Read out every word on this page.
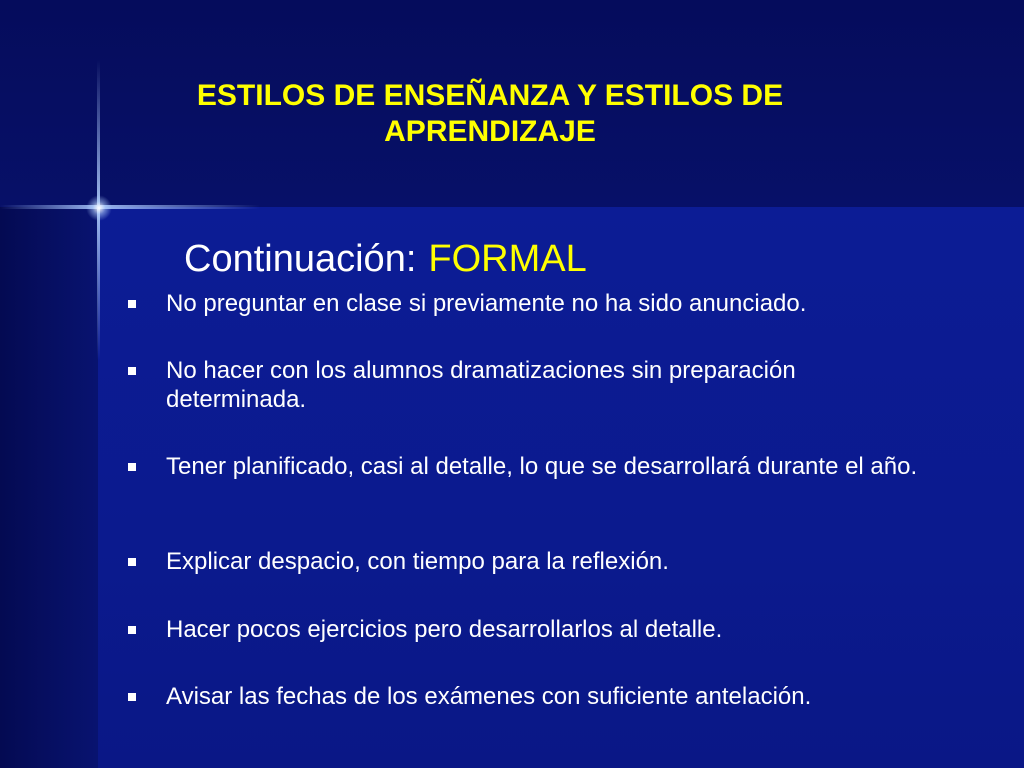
ESTILOS DE ENSEÑANZA Y ESTILOS DE APRENDIZAJE
Continuación: FORMAL
No preguntar en clase si previamente no ha sido anunciado.
No hacer con los alumnos dramatizaciones sin preparación determinada.
Tener planificado, casi al detalle, lo que se desarrollará durante el año.
Explicar despacio, con tiempo para la reflexión.
Hacer pocos ejercicios pero desarrollarlos al detalle.
Avisar las fechas de los exámenes con suficiente antelación.
